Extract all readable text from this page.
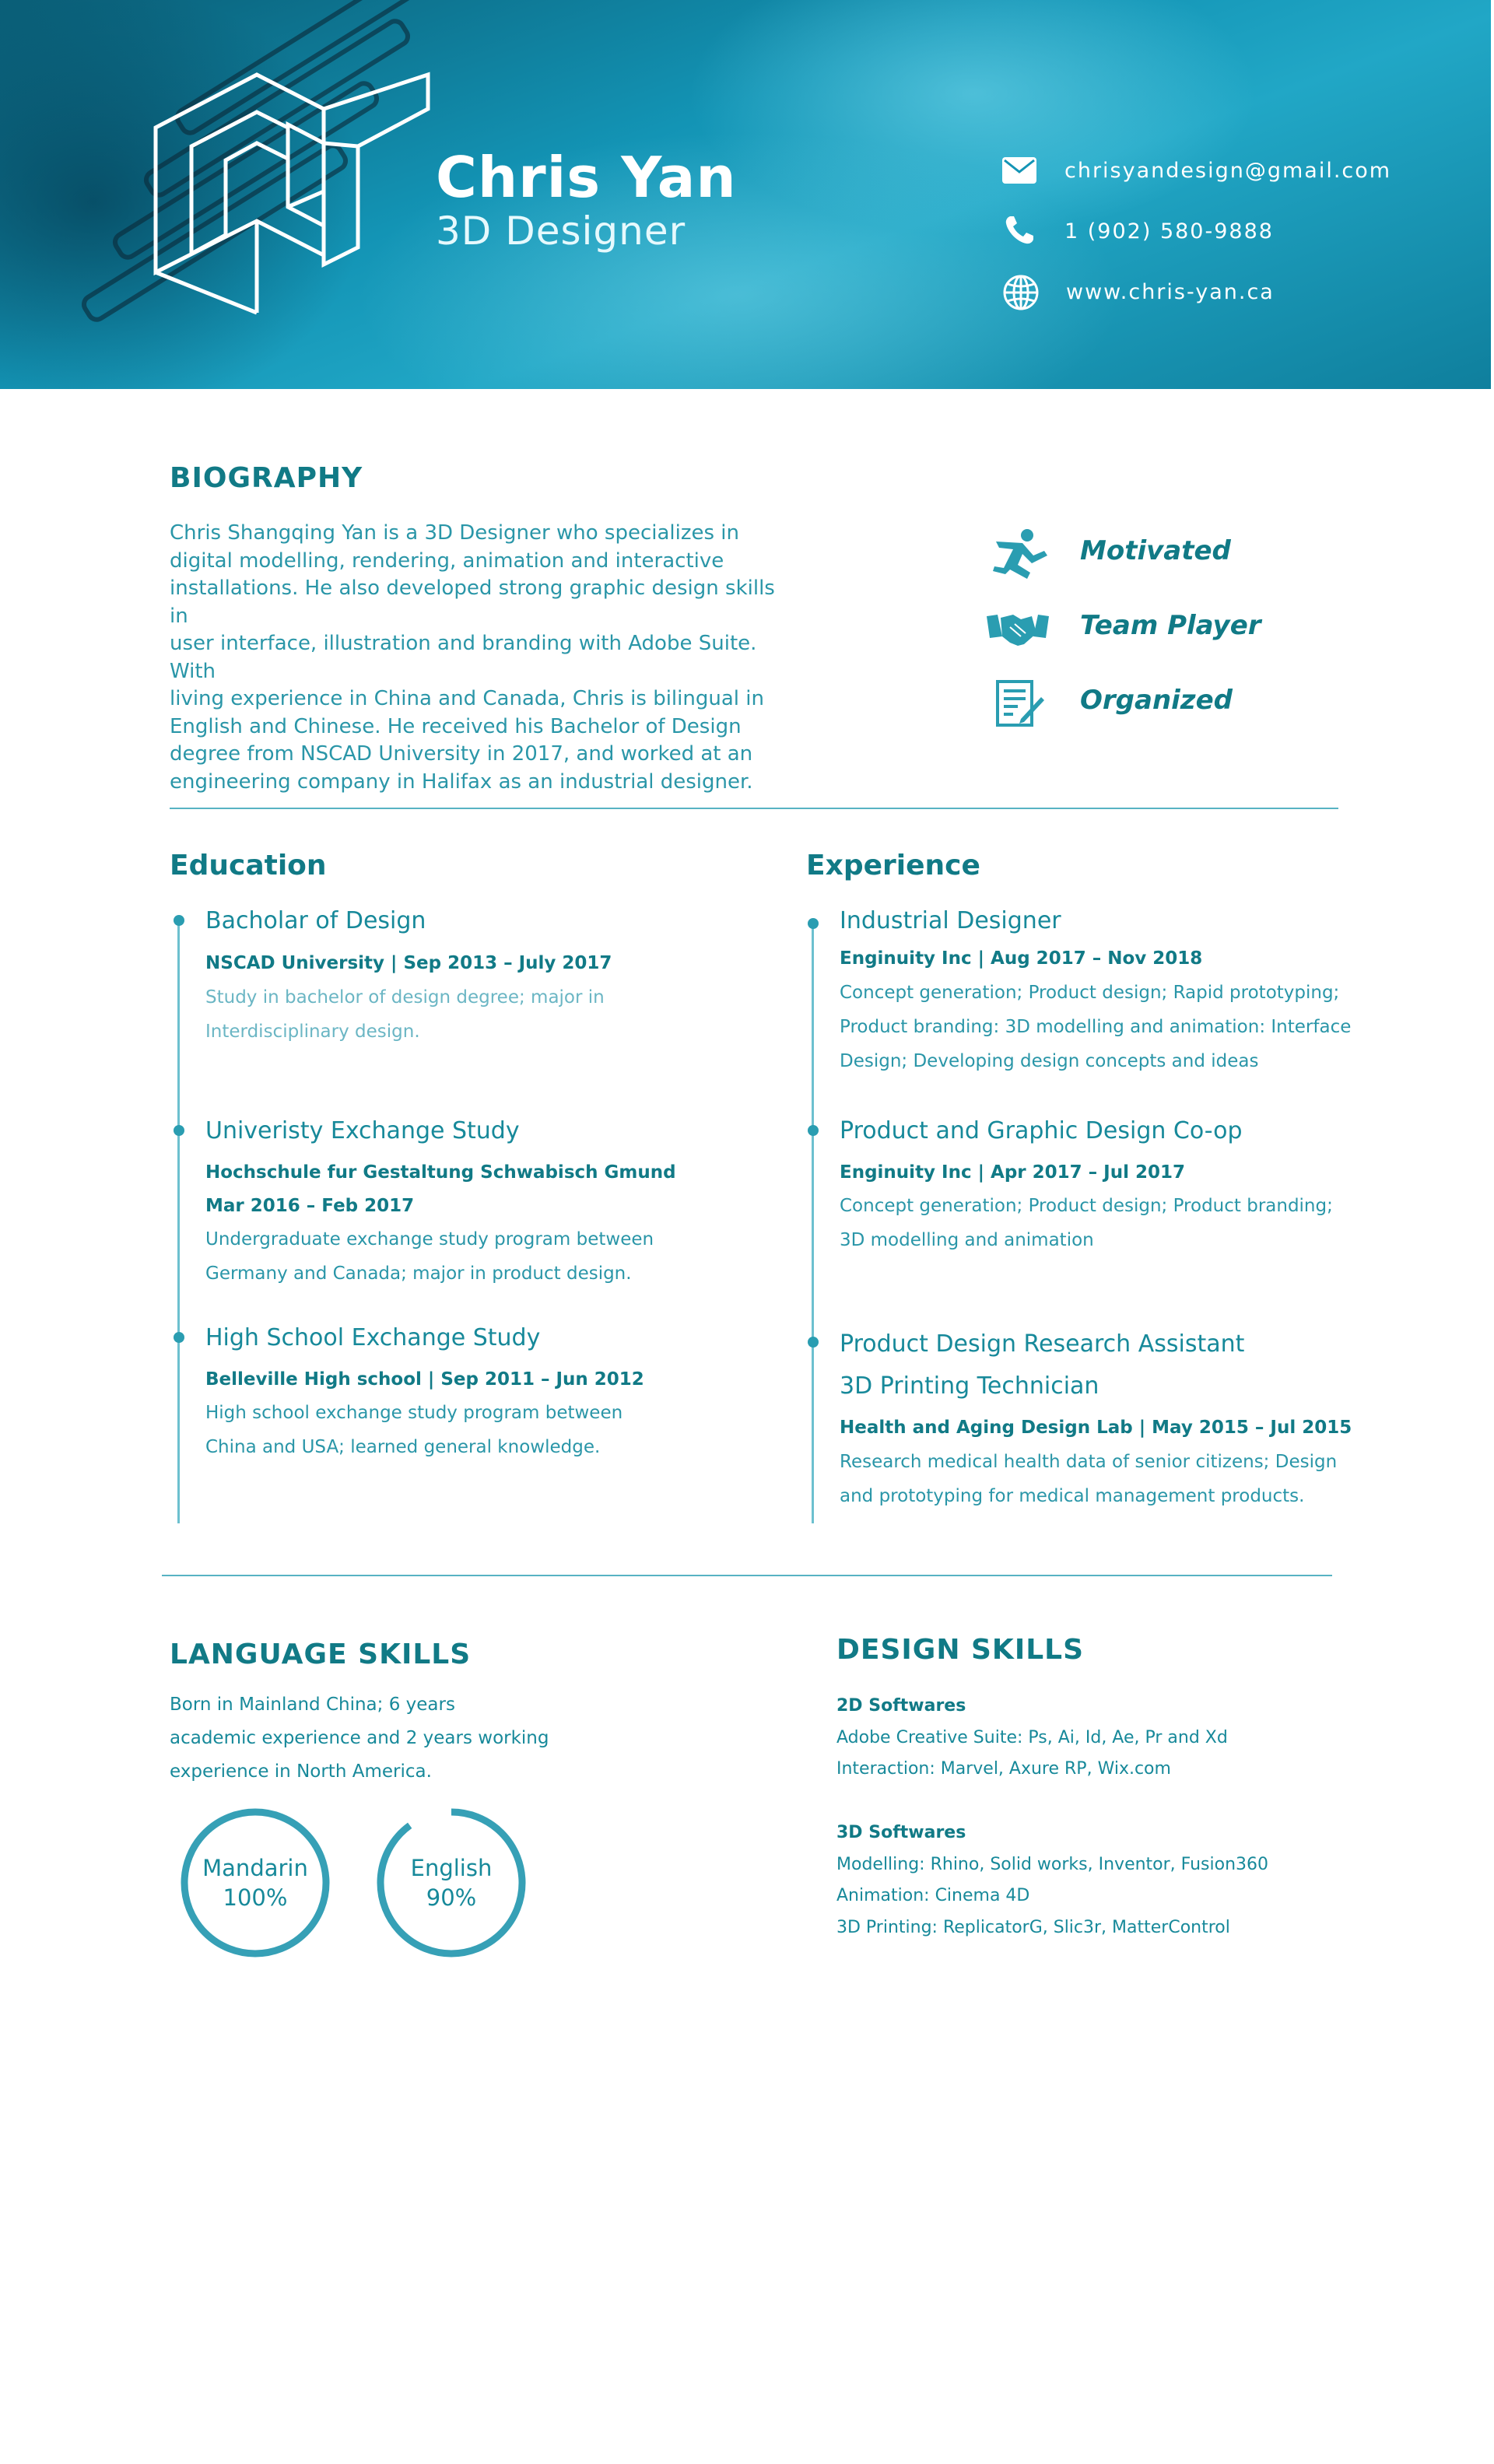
Chris Yan
3D Designer
chrisyandesign@gmail.com
1 (902) 580-9888
www.chris-yan.ca
BIOGRAPHY
Chris Shangqing Yan is a 3D Designer who specializes in
digital modelling, rendering, animation and interactive
installations. He also developed strong graphic design skills in
user interface, illustration and branding with Adobe Suite. With
living experience in China and Canada, Chris is bilingual in
English and Chinese. He received his Bachelor of Design
degree from NSCAD University in 2017, and worked at an
engineering company in Halifax as an industrial designer.
Motivated
Team Player
Organized
Education
Bacholar of Design
NSCAD University | Sep 2013 – July 2017
Study in bachelor of design degree; major in
Interdisciplinary design.
Univeristy Exchange Study
Hochschule fur Gestaltung Schwabisch Gmund
Mar 2016 – Feb 2017
Undergraduate exchange study program between
Germany and Canada; major in product design.
High School Exchange Study
Belleville High school | Sep 2011 – Jun 2012
High school exchange study program between
China and USA; learned general knowledge.
Experience
Industrial Designer
Enginuity Inc | Aug 2017 – Nov 2018
Concept generation; Product design; Rapid prototyping;
Product branding: 3D modelling and animation: Interface
Design; Developing design concepts and ideas
Product and Graphic Design Co-op
Enginuity Inc | Apr 2017 – Jul 2017
Concept generation; Product design; Product branding;
3D modelling and animation
Product Design Research Assistant
3D Printing Technician
Health and Aging Design Lab | May 2015 – Jul 2015
Research medical health data of senior citizens; Design
and prototyping for medical management products.
LANGUAGE SKILLS
Born in Mainland China; 6 years
academic experience and 2 years working
experience in North America.
Mandarin
100%
English
90%
DESIGN SKILLS
2D Softwares
Adobe Creative Suite: Ps, Ai, Id, Ae, Pr and Xd
Interaction: Marvel, Axure RP, Wix.com
3D Softwares
Modelling: Rhino, Solid works, Inventor, Fusion360
Animation: Cinema 4D
3D Printing: ReplicatorG, Slic3r, MatterControl
